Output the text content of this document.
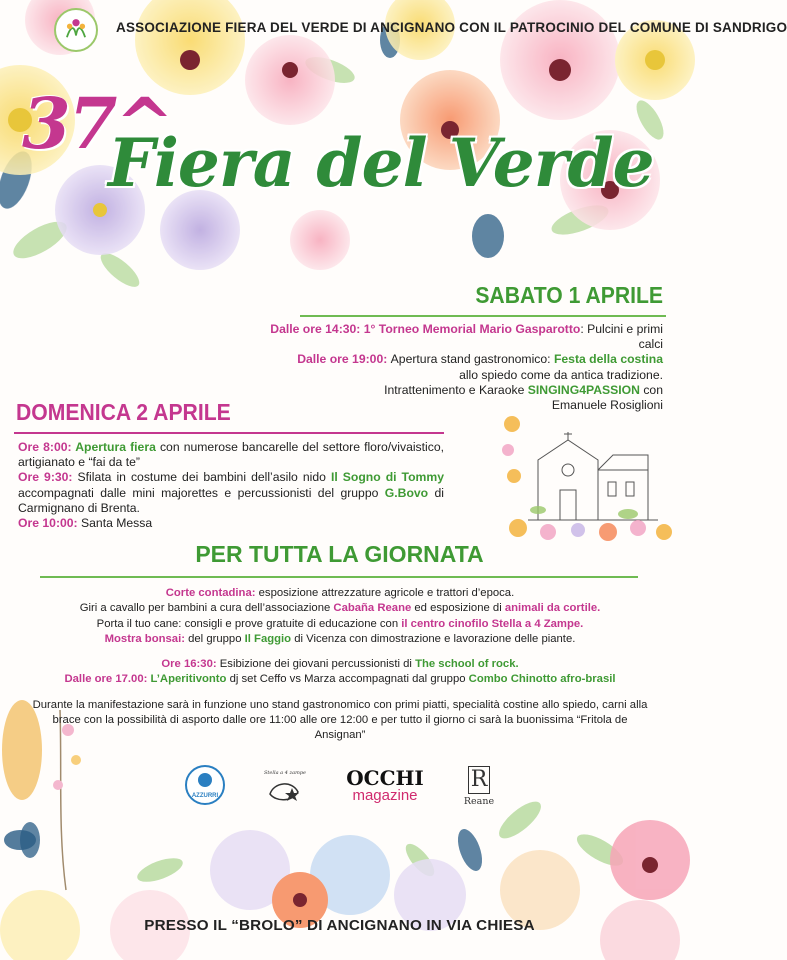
ASSOCIAZIONE FIERA DEL VERDE DI ANCIGNANO CON IL PATROCINIO DEL COMUNE DI SANDRIGO
37^
Fiera del Verde
SABATO 1 APRILE
Dalle ore 14:30: 1° Torneo Memorial Mario Gasparotto: Pulcini e primi calci
Dalle ore 19:00: Apertura stand gastronomico: Festa della costina
allo spiedo come da antica tradizione.
Intrattenimento e Karaoke SINGING4PASSION con
Emanuele Rosiglioni
DOMENICA 2 APRILE
Ore 8:00: Apertura fiera con numerose bancarelle del settore floro/vivaistico, artigianato e “fai da te”
Ore 9:30: Sfilata in costume dei bambini dell’asilo nido Il Sogno di Tommy accompagnati dalle mini majorettes e percussionisti del gruppo G.Bovo di Carmignano di Brenta.
Ore 10:00: Santa Messa
PER TUTTA LA GIORNATA

Corte contadina: esposizione attrezzature agricole e trattori d’epoca.

Giri a cavallo per bambini a cura dell’associazione Cabaña Reane ed esposizione di animali da cortile.

Porta il tuo cane: consigli e prove gratuite di educazione con il centro cinofilo Stella a 4 Zampe.

Mostra bonsai: del gruppo Il Faggio di Vicenza con dimostrazione e lavorazione delle piante.

Ore 16:30: Esibizione dei giovani percussionisti di The school of rock.

Dalle ore 17.00: L’Aperitivonto dj set Ceffo vs Marza accompagnati dal gruppo Combo Chinotto afro-brasil

Durante la manifestazione sarà in funzione uno stand gastronomico con primi piatti, specialità costine allo spiedo, carni alla brace con la possibilità di asporto dalle ore 11:00 alle ore 12:00 e per tutto il giorno ci sarà la buonissima “Fritola de Ansignan”

AZZURRI
Stella a 4 zampe	OCCHI
magazine
R
Reane
PRESSO IL “BROLO” DI ANCIGNANO IN VIA CHIESA
